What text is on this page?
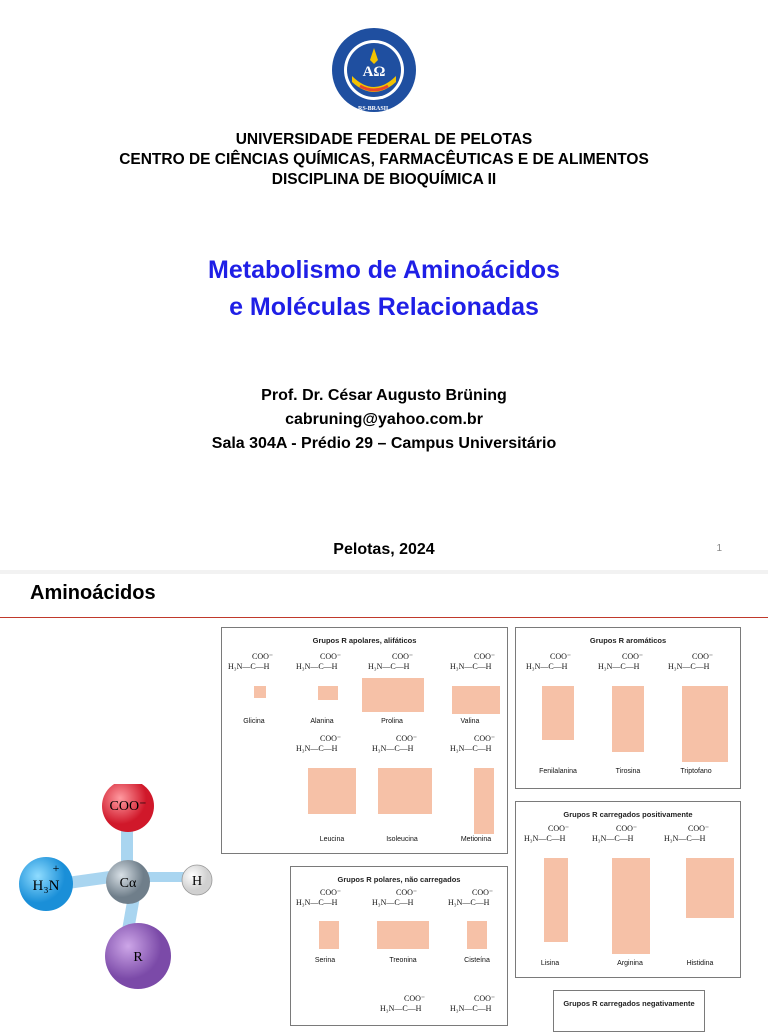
AΩ
RS-BRASIL
UNIVERSIDADE FEDERAL DE PELOTAS
CENTRO DE CIÊNCIAS QUÍMICAS, FARMACÊUTICAS E DE ALIMENTOS
DISCIPLINA DE BIOQUÍMICA II
Metabolismo de Aminoácidos
e Moléculas Relacionadas
Prof. Dr. César Augusto Brüning
cabruning@yahoo.com.br
Sala 304A - Prédio 29 – Campus Universitário
Pelotas, 2024	1
Aminoácidos
COO⁻
H₃N
+
Cα	H
R
Grupos R apolares, alifáticos
Glicina	Alanina	Prolina	Valina
Leucina	Isoleucina	Metionina
Grupos R aromáticos
Fenilalanina	Tirosina	Triptofano
Grupos R carregados positivamente
Lisina	Arginina	Histidina
Grupos R polares, não carregados
Serina	Treonina	Cisteína
Grupos R carregados negativamente
COO⁻
H₃N—C—H
COO⁻
H₃N—C—H
COO⁻
H₃N—C—H
COO⁻
H₃N—C—H
COO⁻
H₃N—C—H
COO⁻
H₃N—C—H
COO⁻
H₃N—C—H
COO⁻
H₃N—C—H
COO⁻
H₃N—C—H
COO⁻
H₃N—C—H
COO⁻
H₃N—C—H
COO⁻
H₃N—C—H
COO⁻
H₃N—C—H
COO⁻
H₃N—C—H
COO⁻
H₃N—C—H
COO⁻
H₃N—C—H
COO⁻
H₃N—C—H
COO⁻
H₃N—C—H
